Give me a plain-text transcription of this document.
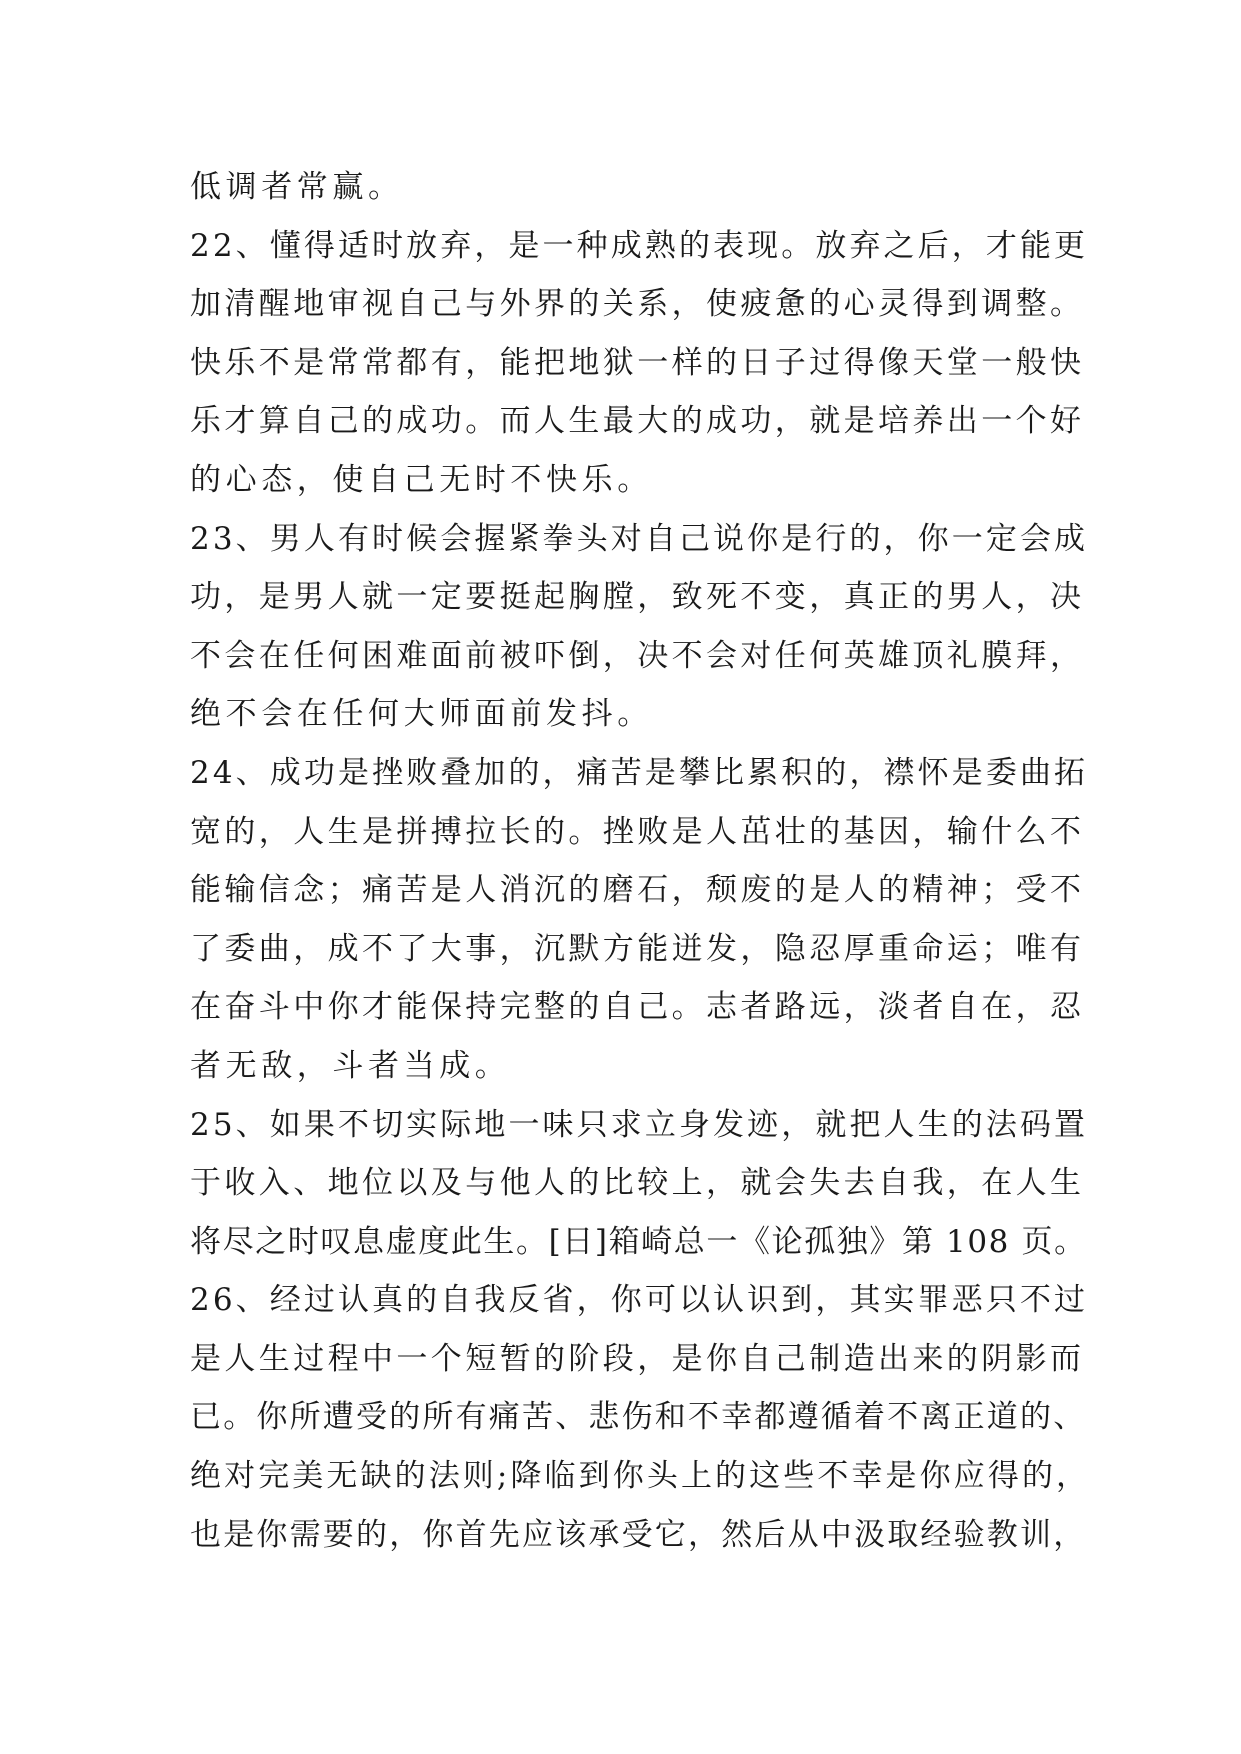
低调者常赢。
22、懂得适时放弃，是一种成熟的表现。放弃之后，才能更
加清醒地审视自己与外界的关系，使疲惫的心灵得到调整。
快乐不是常常都有，能把地狱一样的日子过得像天堂一般快
乐才算自己的成功。而人生最大的成功，就是培养出一个好
的心态，使自己无时不快乐。
23、男人有时候会握紧拳头对自己说你是行的，你一定会成
功，是男人就一定要挺起胸膛，致死不变，真正的男人，决
不会在任何困难面前被吓倒，决不会对任何英雄顶礼膜拜，
绝不会在任何大师面前发抖。
24、成功是挫败叠加的，痛苦是攀比累积的，襟怀是委曲拓
宽的，人生是拼搏拉长的。挫败是人茁壮的基因，输什么不
能输信念；痛苦是人消沉的磨石，颓废的是人的精神；受不
了委曲，成不了大事，沉默方能迸发，隐忍厚重命运；唯有
在奋斗中你才能保持完整的自己。志者路远，淡者自在，忍
者无敌，斗者当成。
25、如果不切实际地一味只求立身发迹，就把人生的法码置
于收入、地位以及与他人的比较上，就会失去自我，在人生
将尽之时叹息虚度此生。[日]箱崎总一《论孤独》第 108 页。
26、经过认真的自我反省，你可以认识到，其实罪恶只不过
是人生过程中一个短暂的阶段，是你自己制造出来的阴影而
已。你所遭受的所有痛苦、悲伤和不幸都遵循着不离正道的、
绝对完美无缺的法则;降临到你头上的这些不幸是你应得的，
也是你需要的，你首先应该承受它，然后从中汲取经验教训，
